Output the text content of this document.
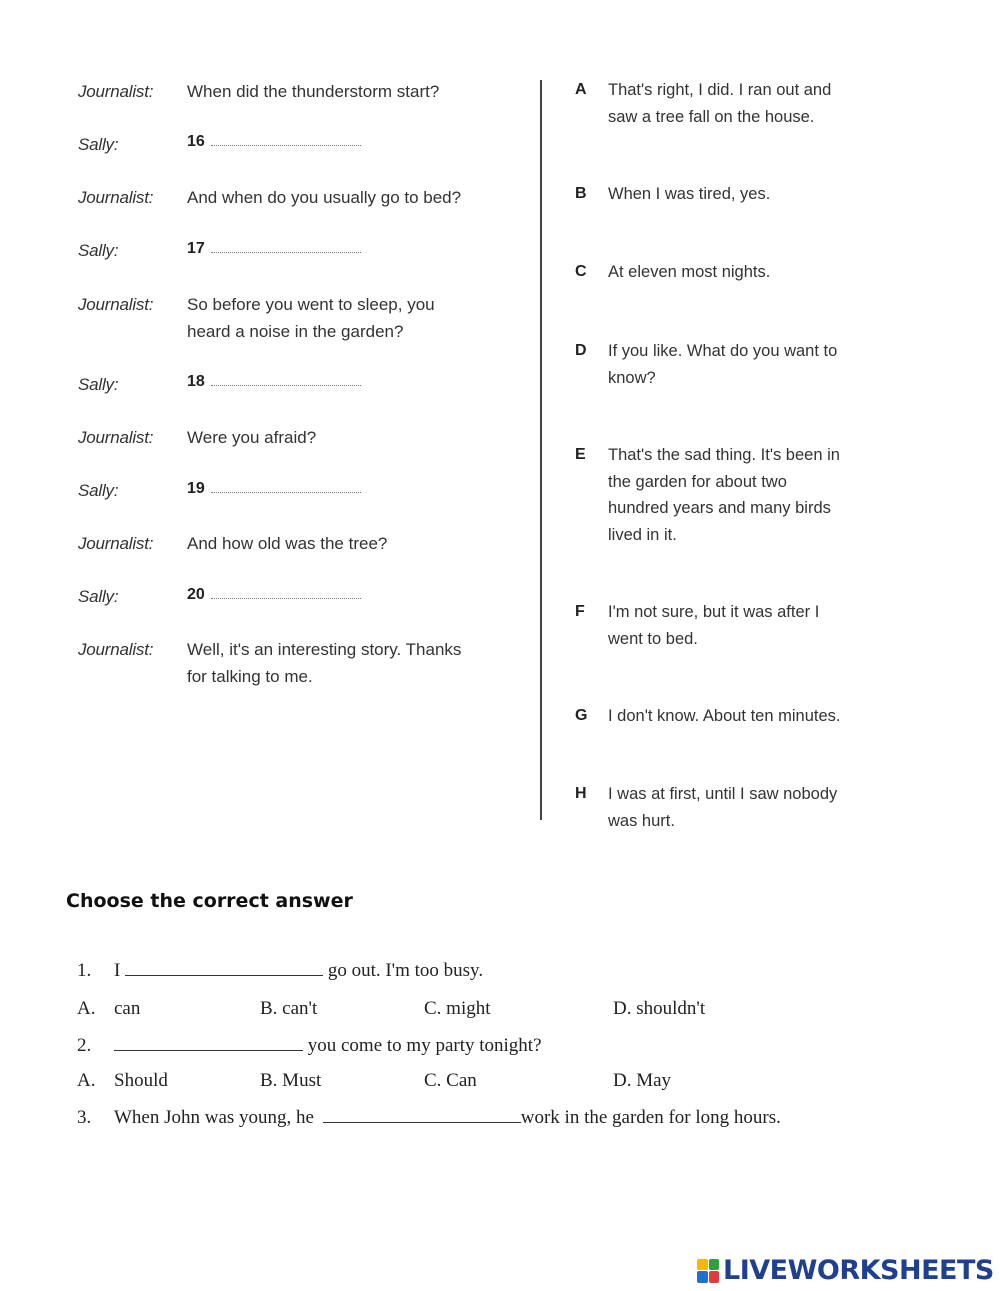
Journalist: When did the thunderstorm start?
Sally:	16
Journalist: And when do you usually go to bed?
Sally:	17
Journalist: So before you went to sleep, you
heard a noise in the garden?
Sally:	18
Journalist: Were you afraid?
Sally:	19
Journalist: And how old was the tree?
Sally:	20
Journalist: Well, it's an interesting story. Thanks
for talking to me.
A That's right, I did. I ran out and
saw a tree fall on the house.
B When I was tired, yes.
C At eleven most nights.
D If you like. What do you want to
know?
E That's the sad thing. It's been in
the garden for about two
hundred years and many birds
lived in it.
F I'm not sure, but it was after I
went to bed.
G I don't know. About ten minutes.
H I was at first, until I saw nobody
was hurt.
Choose the correct answer
1. I	go out. I'm too busy.
A. can	B. can't	C. might	D. shouldn't
2.	you come to my party tonight?
A. Should	B. Must	C. Can	D. May
3. When John was young, he	work in the garden for long hours.
LIVEWORKSHEETS
